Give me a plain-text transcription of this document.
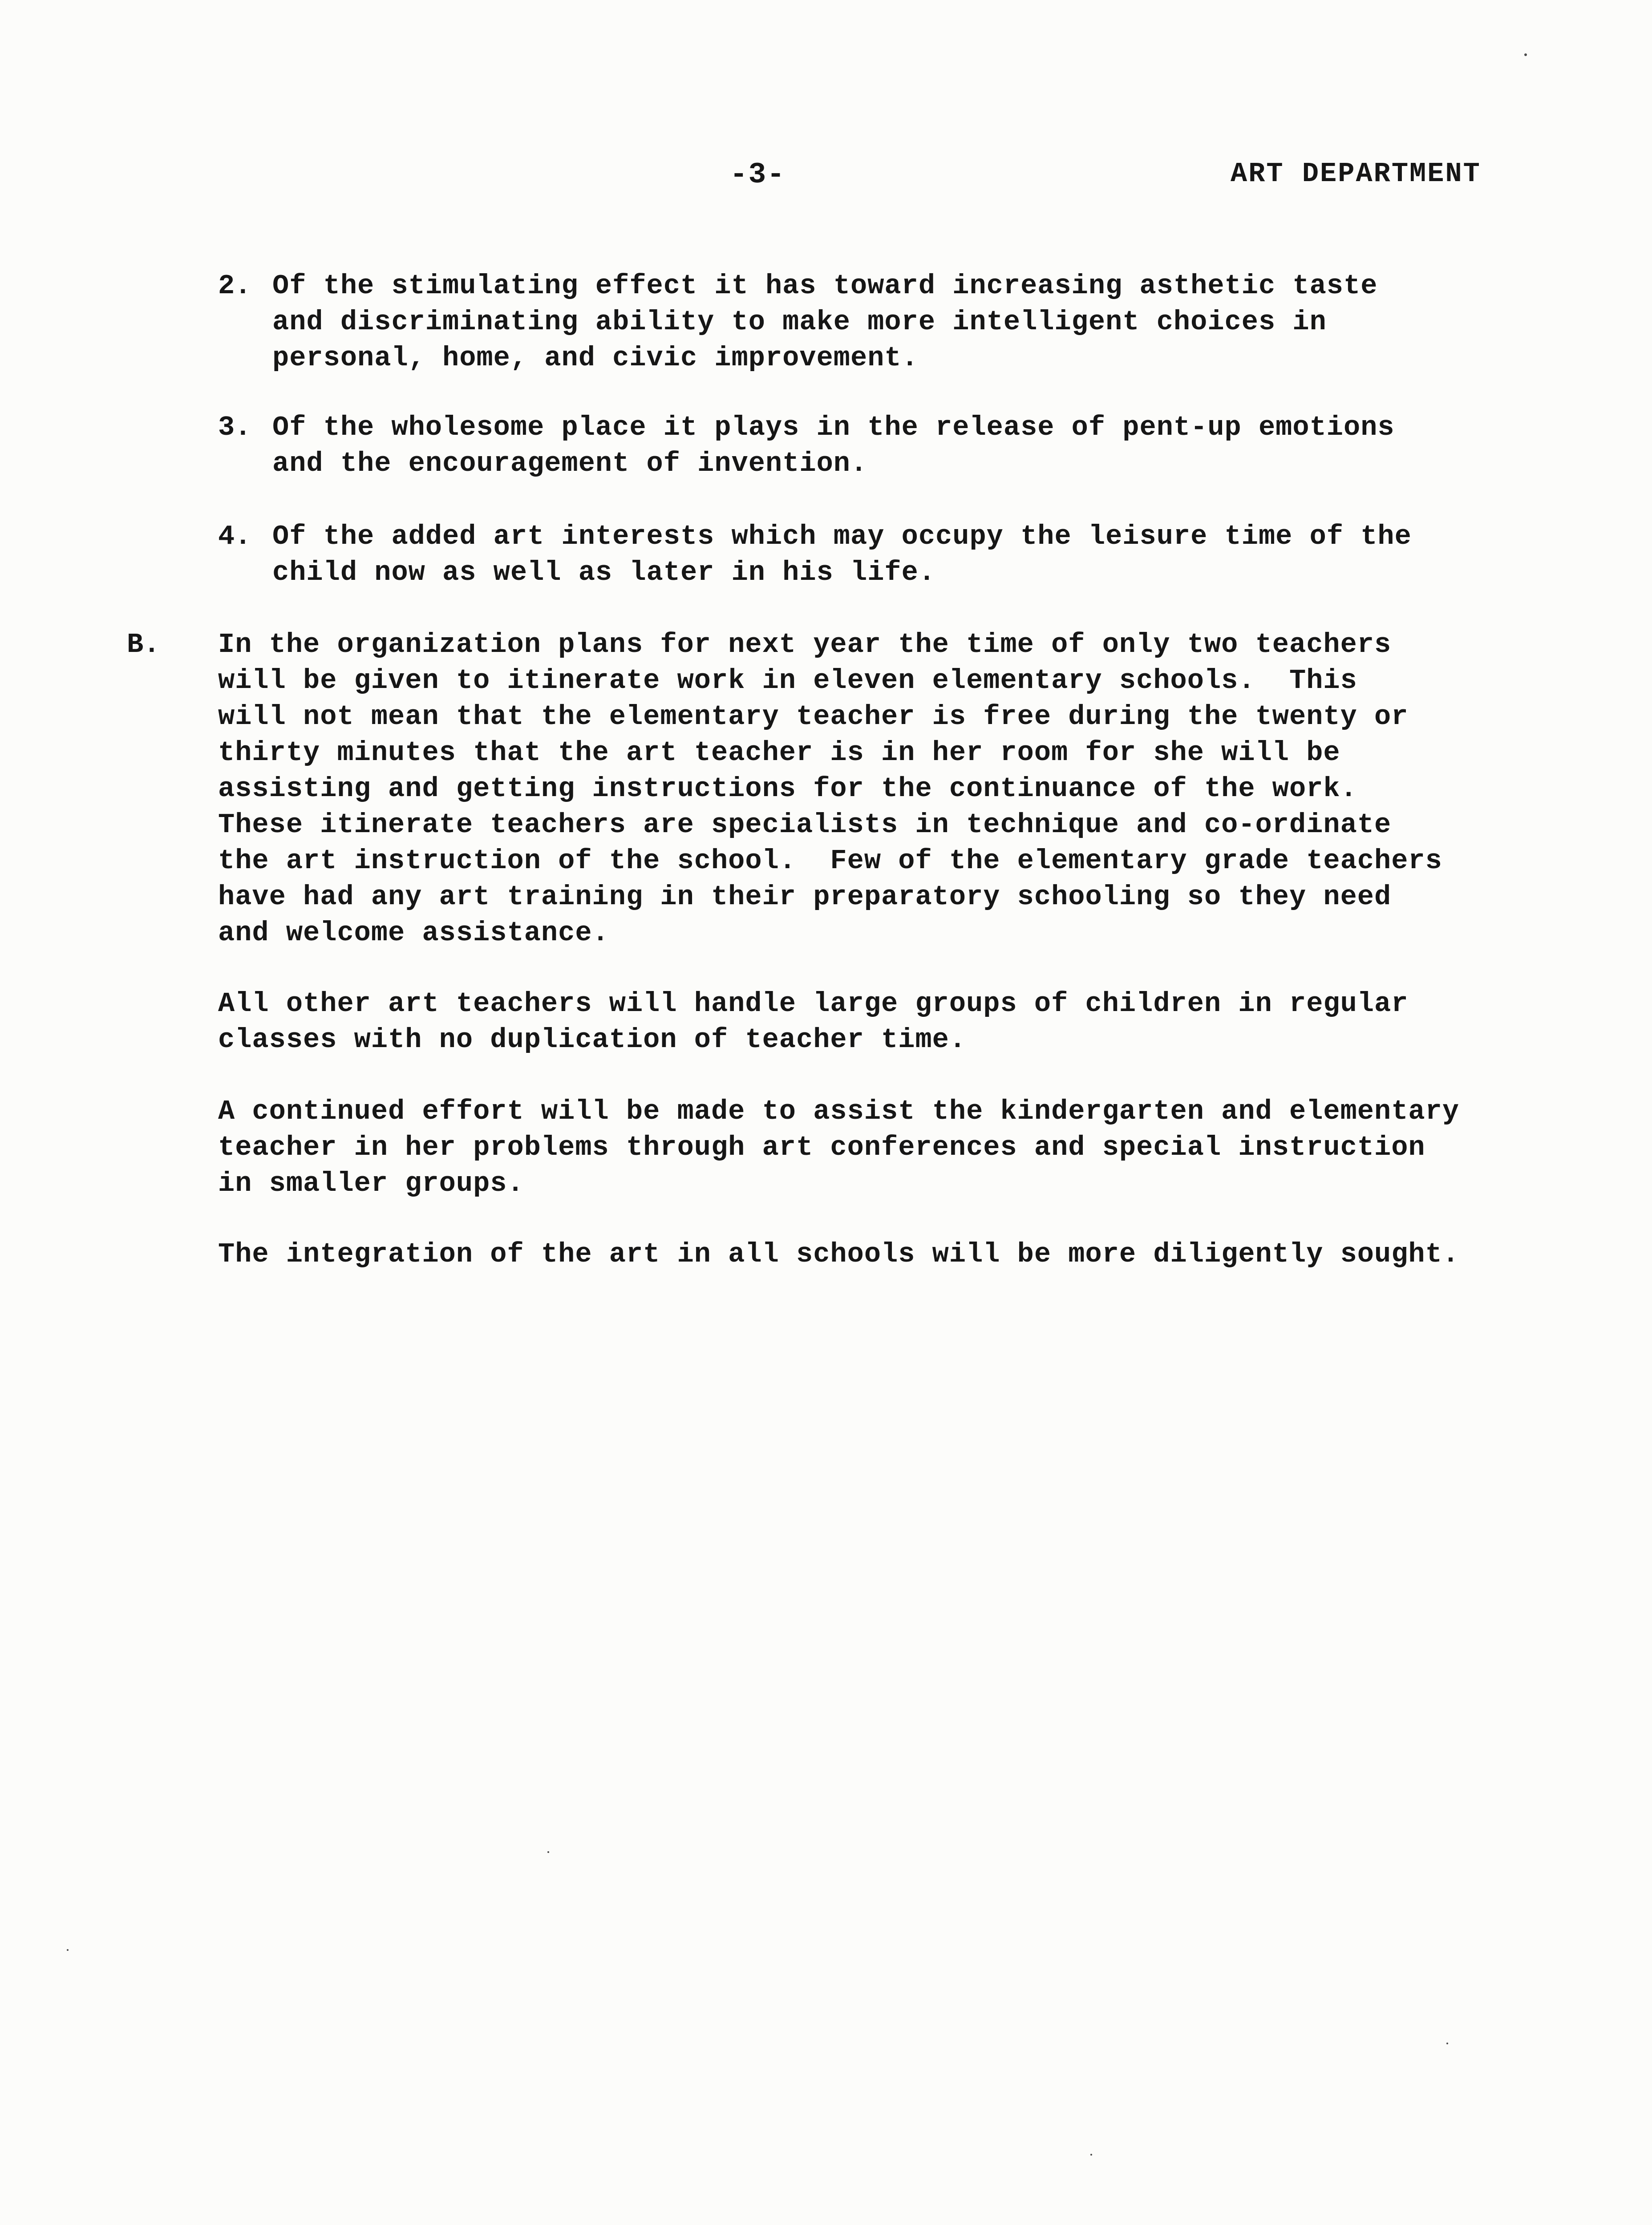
-3-	ART DEPARTMENT
2. Of the stimulating effect it has toward increasing asthetic taste
and discriminating ability to make more intelligent choices in
personal, home, and civic improvement.
3. Of the wholesome place it plays in the release of pent-up emotions
and the encouragement of invention.
4. Of the added art interests which may occupy the leisure time of the
child now as well as later in his life.
B. In the organization plans for next year the time of only two teachers
will be given to itinerate work in eleven elementary schools.  This
will not mean that the elementary teacher is free during the twenty or
thirty minutes that the art teacher is in her room for she will be
assisting and getting instructions for the continuance of the work.
These itinerate teachers are specialists in technique and co-ordinate
the art instruction of the school.  Few of the elementary grade teachers
have had any art training in their preparatory schooling so they need
and welcome assistance.
All other art teachers will handle large groups of children in regular
classes with no duplication of teacher time.
A continued effort will be made to assist the kindergarten and elementary
teacher in her problems through art conferences and special instruction
in smaller groups.
The integration of the art in all schools will be more diligently sought.
